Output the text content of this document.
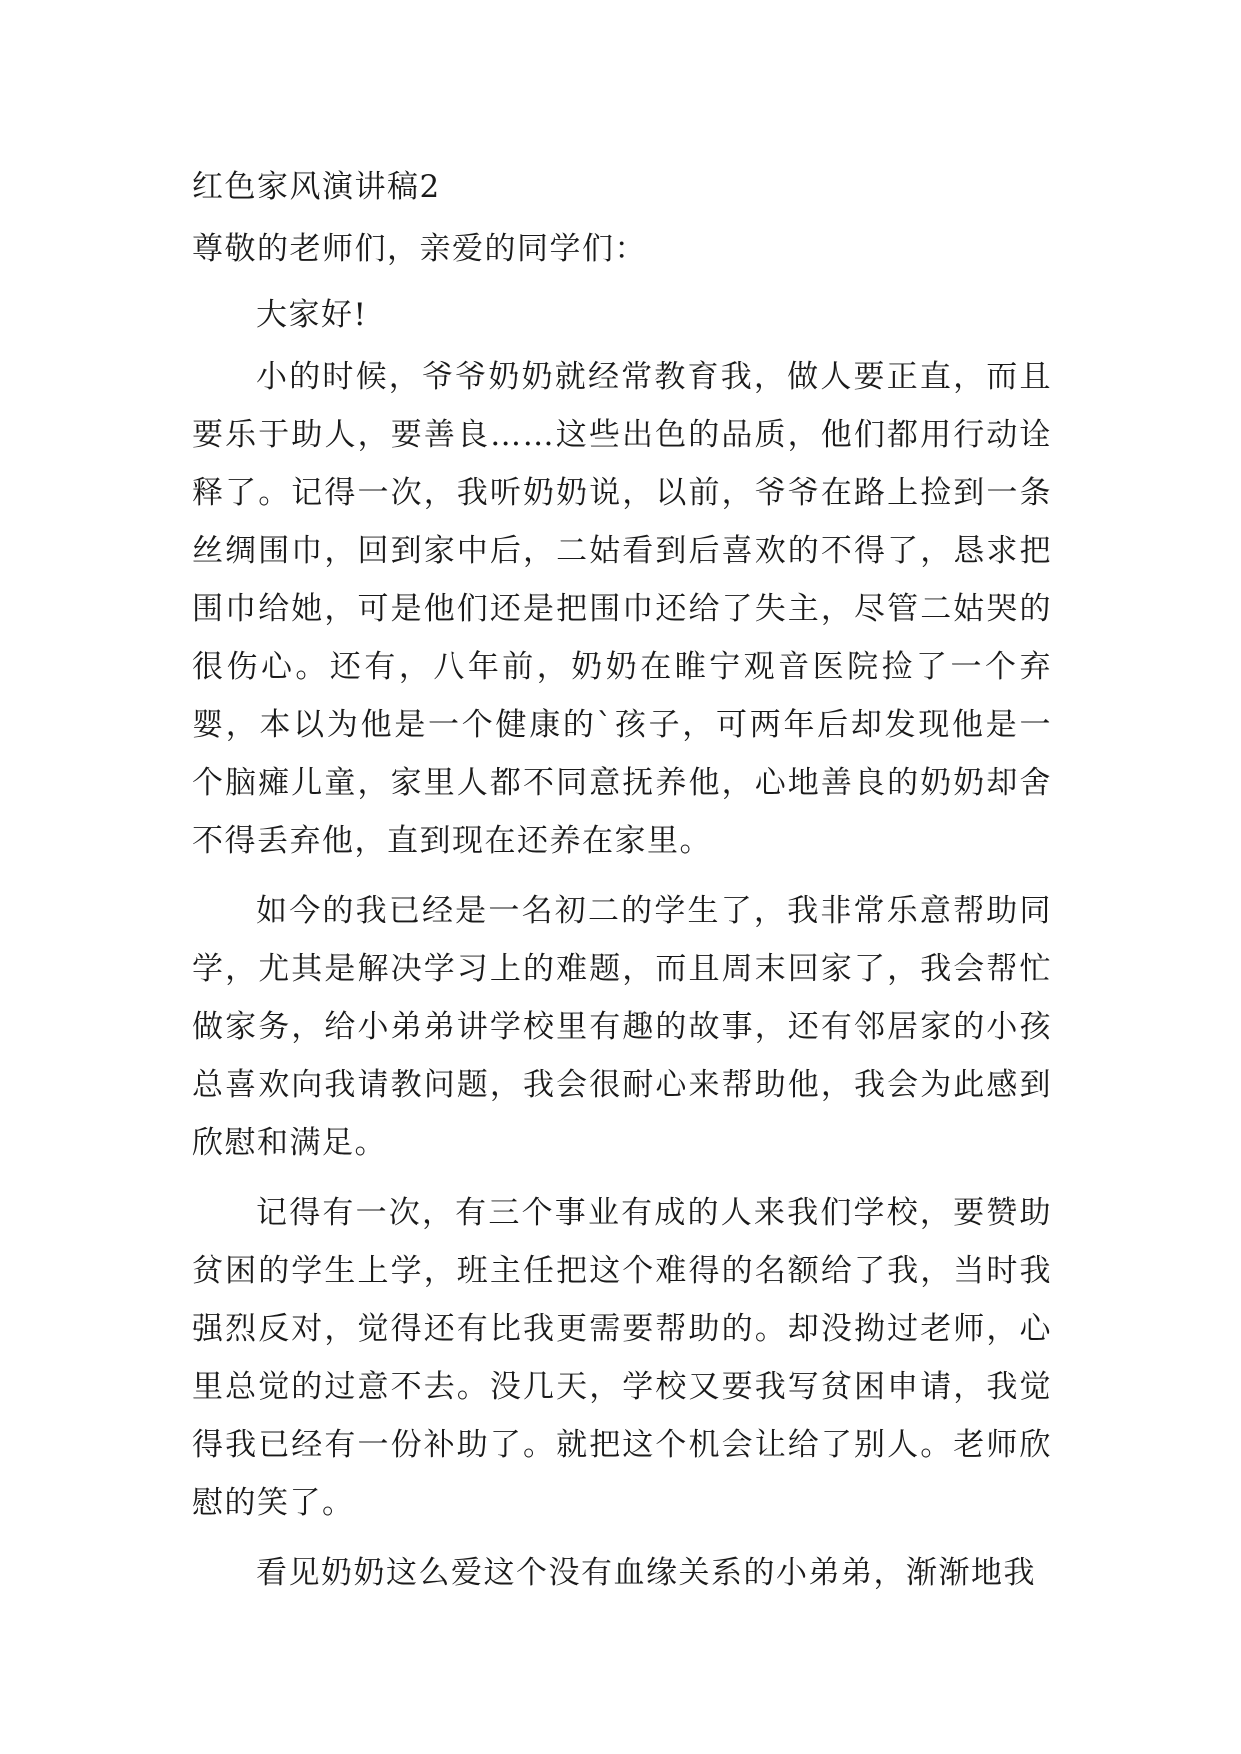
红色家风演讲稿2

尊敬的老师们，亲爱的同学们：

大家好!

小的时候，爷爷奶奶就经常教育我，做人要正直，而且要乐于助人，要善良……这些出色的品质，他们都用行动诠释了。记得一次，我听奶奶说，以前，爷爷在路上捡到一条丝绸围巾，回到家中后，二姑看到后喜欢的不得了，恳求把围巾给她，可是他们还是把围巾还给了失主，尽管二姑哭的很伤心。还有，八年前，奶奶在睢宁观音医院捡了一个弃婴，本以为他是一个健康的`孩子，可两年后却发现他是一个脑瘫儿童，家里人都不同意抚养他，心地善良的奶奶却舍不得丢弃他，直到现在还养在家里。

如今的我已经是一名初二的学生了，我非常乐意帮助同学，尤其是解决学习上的难题，而且周末回家了，我会帮忙做家务，给小弟弟讲学校里有趣的故事，还有邻居家的小孩总喜欢向我请教问题，我会很耐心来帮助他，我会为此感到欣慰和满足。

记得有一次，有三个事业有成的人来我们学校，要赞助贫困的学生上学，班主任把这个难得的名额给了我，当时我强烈反对，觉得还有比我更需要帮助的。却没拗过老师，心里总觉的过意不去。没几天，学校又要我写贫困申请，我觉得我已经有一份补助了。就把这个机会让给了别人。老师欣慰的笑了。

看见奶奶这么爱这个没有血缘关系的小弟弟，渐渐地我
